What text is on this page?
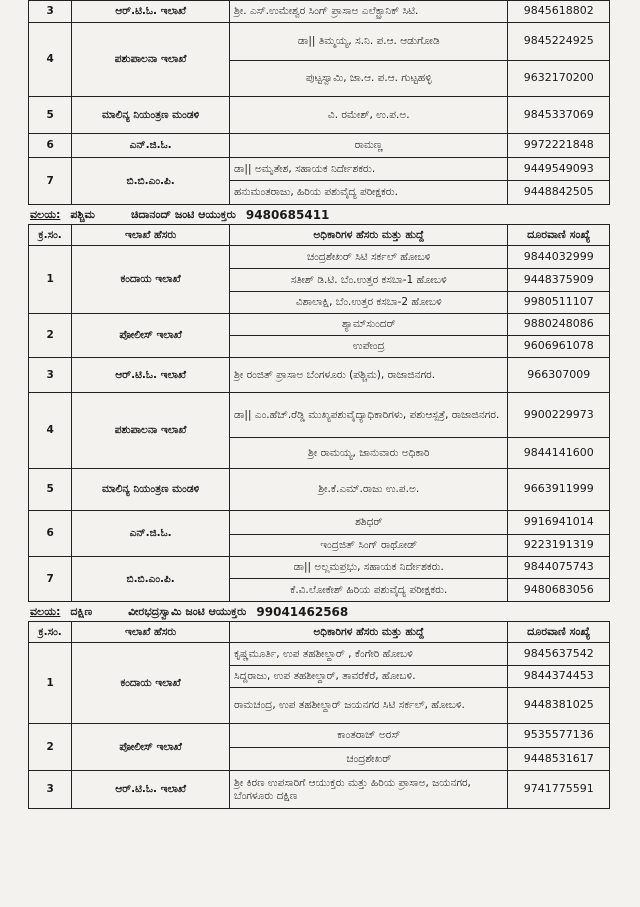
3	ಆರ್.ಟಿ.ಓ. ಇಲಾಖೆ	ಶ್ರೀ. ಎಸ್.ಉಮೇಶ್ವರ ಸಿಂಗ್ ಪ್ರಾಸಾಅ ಎಲೆಕ್ಟ್ರಾನಿಕ್ ಸಿಟಿ.	9845618802
4	ಪಶುಪಾಲನಾ ಇಲಾಖೆ	ಡಾ|| ತಿಮ್ಮಯ್ಯ, ಸ.ನಿ. ಪ.ಆ. ಆಡುಗೋಡಿ	9845224925
		ಪುಟ್ಟಸ್ವಾಮಿ, ಜಾ.ಆ. ಪ.ಆ. ಗುಟ್ಟಹಳ್ಳಿ	9632170200
5	ಮಾಲಿನ್ಯ ನಿಯಂತ್ರಣ ಮಂಡಳಿ	ವಿ. ರಮೇಶ್, ಉ.ಪ.ಅ.	9845337069
6	ಎನ್.ಜಿ.ಓ.	ರಾಮಣ್ಣ	9972221848
7	ಬಿ.ಬಿ.ಎಂ.ಪಿ.	ಡಾ|| ಅಮೃತೇಶ, ಸಹಾಯಕ ನಿರ್ದೇಶಕರು.	9449549093
		ಹನುಮಂತರಾಜು, ಹಿರಿಯ ಪಶುವೈದ್ಯ ಪರೀಕ್ಷಕರು.	9448842505
ವಲಯ: ಪಶ್ಚಿಮ	ಚಿದಾನಂದ್ ಜಂಟಿ ಆಯುಕ್ತರು 9480685411
ಕ್ರ.ಸಂ.	ಇಲಾಖೆ ಹೆಸರು	ಅಧಿಕಾರಿಗಳ ಹೆಸರು ಮತ್ತು ಹುದ್ದೆ	ದೂರವಾಣಿ ಸಂಖ್ಯೆ
1	ಕಂದಾಯ ಇಲಾಖೆ	ಚಂದ್ರಶೇಖರ್ ಸಿಟಿ ಸರ್ಕಲ್ ಹೋಬಳಿ	9844032999
		ಸತೀಶ್ ಡಿ.ಟಿ. ಬೆಂ.ಉತ್ತರ ಕಸಬಾ-1 ಹೋಬಳಿ	9448375909
		ವಿಶಾಲಾಕ್ಷಿ, ಬೆಂ.ಉತ್ತರ ಕಸಬಾ-2 ಹೋಬಳಿ	9980511107
2	ಪೋಲೀಸ್ ಇಲಾಖೆ	ಶ್ಯಾಮ್‌ಸುಂದರ್	9880248086
		ಉಪೇಂದ್ರ	9606961078
3	ಆರ್.ಟಿ.ಓ. ಇಲಾಖೆ	ಶ್ರೀ ರಂಜಿತ್ ಪ್ರಾಸಾಅ ಬೆಂಗಳೂರು (ಪಶ್ಚಿಮ), ರಾಜಾಜಿನಗರ.	966307009
4	ಪಶುಪಾಲನಾ ಇಲಾಖೆ	ಡಾ|| ಎಂ.ಹೆಚ್.ರೆಡ್ಡಿ ಮುಖ್ಯಪಶುವೈದ್ಯಾಧಿಕಾರಿಗಳು, ಪಶುಆಸ್ಪತ್ರೆ, ರಾಜಾಜಿನಗರ.	9900229973
		ಶ್ರೀ ರಾಮಯ್ಯ, ಜಾನುವಾರು ಅಧಿಕಾರಿ	9844141600
5	ಮಾಲಿನ್ಯ ನಿಯಂತ್ರಣ ಮಂಡಳಿ	ಶ್ರೀ.ಕೆ.ಎಮ್.ರಾಜು ಉ.ಪ.ಅ.	9663911999
6	ಎನ್.ಜಿ.ಓ.	ಶಶಿಧರ್	9916941014
		ಇಂದ್ರಜಿತ್ ಸಿಂಗ್ ರಾಥೋಡ್	9223191319
7	ಬಿ.ಬಿ.ಎಂ.ಪಿ.	ಡಾ|| ಅಲ್ಲಮಪ್ರಭು, ಸಹಾಯಕ ನಿರ್ದೇಶಕರು.	9844075743
		ಕೆ.ವಿ.ಲೋಕೇಶ್ ಹಿರಿಯ ಪಶುವೈದ್ಯ ಪರೀಕ್ಷಕರು.	9480683056
ವಲಯ: ದಕ್ಷಿಣ	ವೀರಭದ್ರಸ್ವಾಮಿ ಜಂಟಿ ಆಯುಕ್ತರು 99041462568
ಕ್ರ.ಸಂ.	ಇಲಾಖೆ ಹೆಸರು	ಅಧಿಕಾರಿಗಳ ಹೆಸರು ಮತ್ತು ಹುದ್ದೆ	ದೂರವಾಣಿ ಸಂಖ್ಯೆ
1	ಕಂದಾಯ ಇಲಾಖೆ	ಕೃಷ್ಣಮೂರ್ತಿ, ಉಪ ತಹಶೀಲ್ದಾರ್ , ಕೆಂಗೇರಿ ಹೋಬಳಿ	9845637542
		ಸಿದ್ದರಾಜು, ಉಪ ತಹಶೀಲ್ದಾರ್, ತಾವರೆಕೆರೆ, ಹೋಬಳಿ.	9844374453
		ರಾಮಚಂದ್ರ, ಉಪ ತಹಶೀಲ್ದಾರ್ ಜಯನಗರ ಸಿಟಿ ಸರ್ಕಲ್, ಹೋಬಳಿ.	9448381025
2	ಪೋಲೀಸ್ ಇಲಾಖೆ	ಕಾಂತರಾಜ್ ಅರಸ್	9535577136
		ಚಂದ್ರಶೇಖರ್	9448531617
3	ಆರ್.ಟಿ.ಓ. ಇಲಾಖೆ	ಶ್ರೀ ಕಿರಣ ಉಪಸಾರಿಗೆ ಆಯುಕ್ತರು ಮತ್ತು ಹಿರಿಯ ಪ್ರಾಸಾಅ, ಜಯನಗರ, ಬೆಂಗಳೂರು ದಕ್ಷಿಣ	9741775591
